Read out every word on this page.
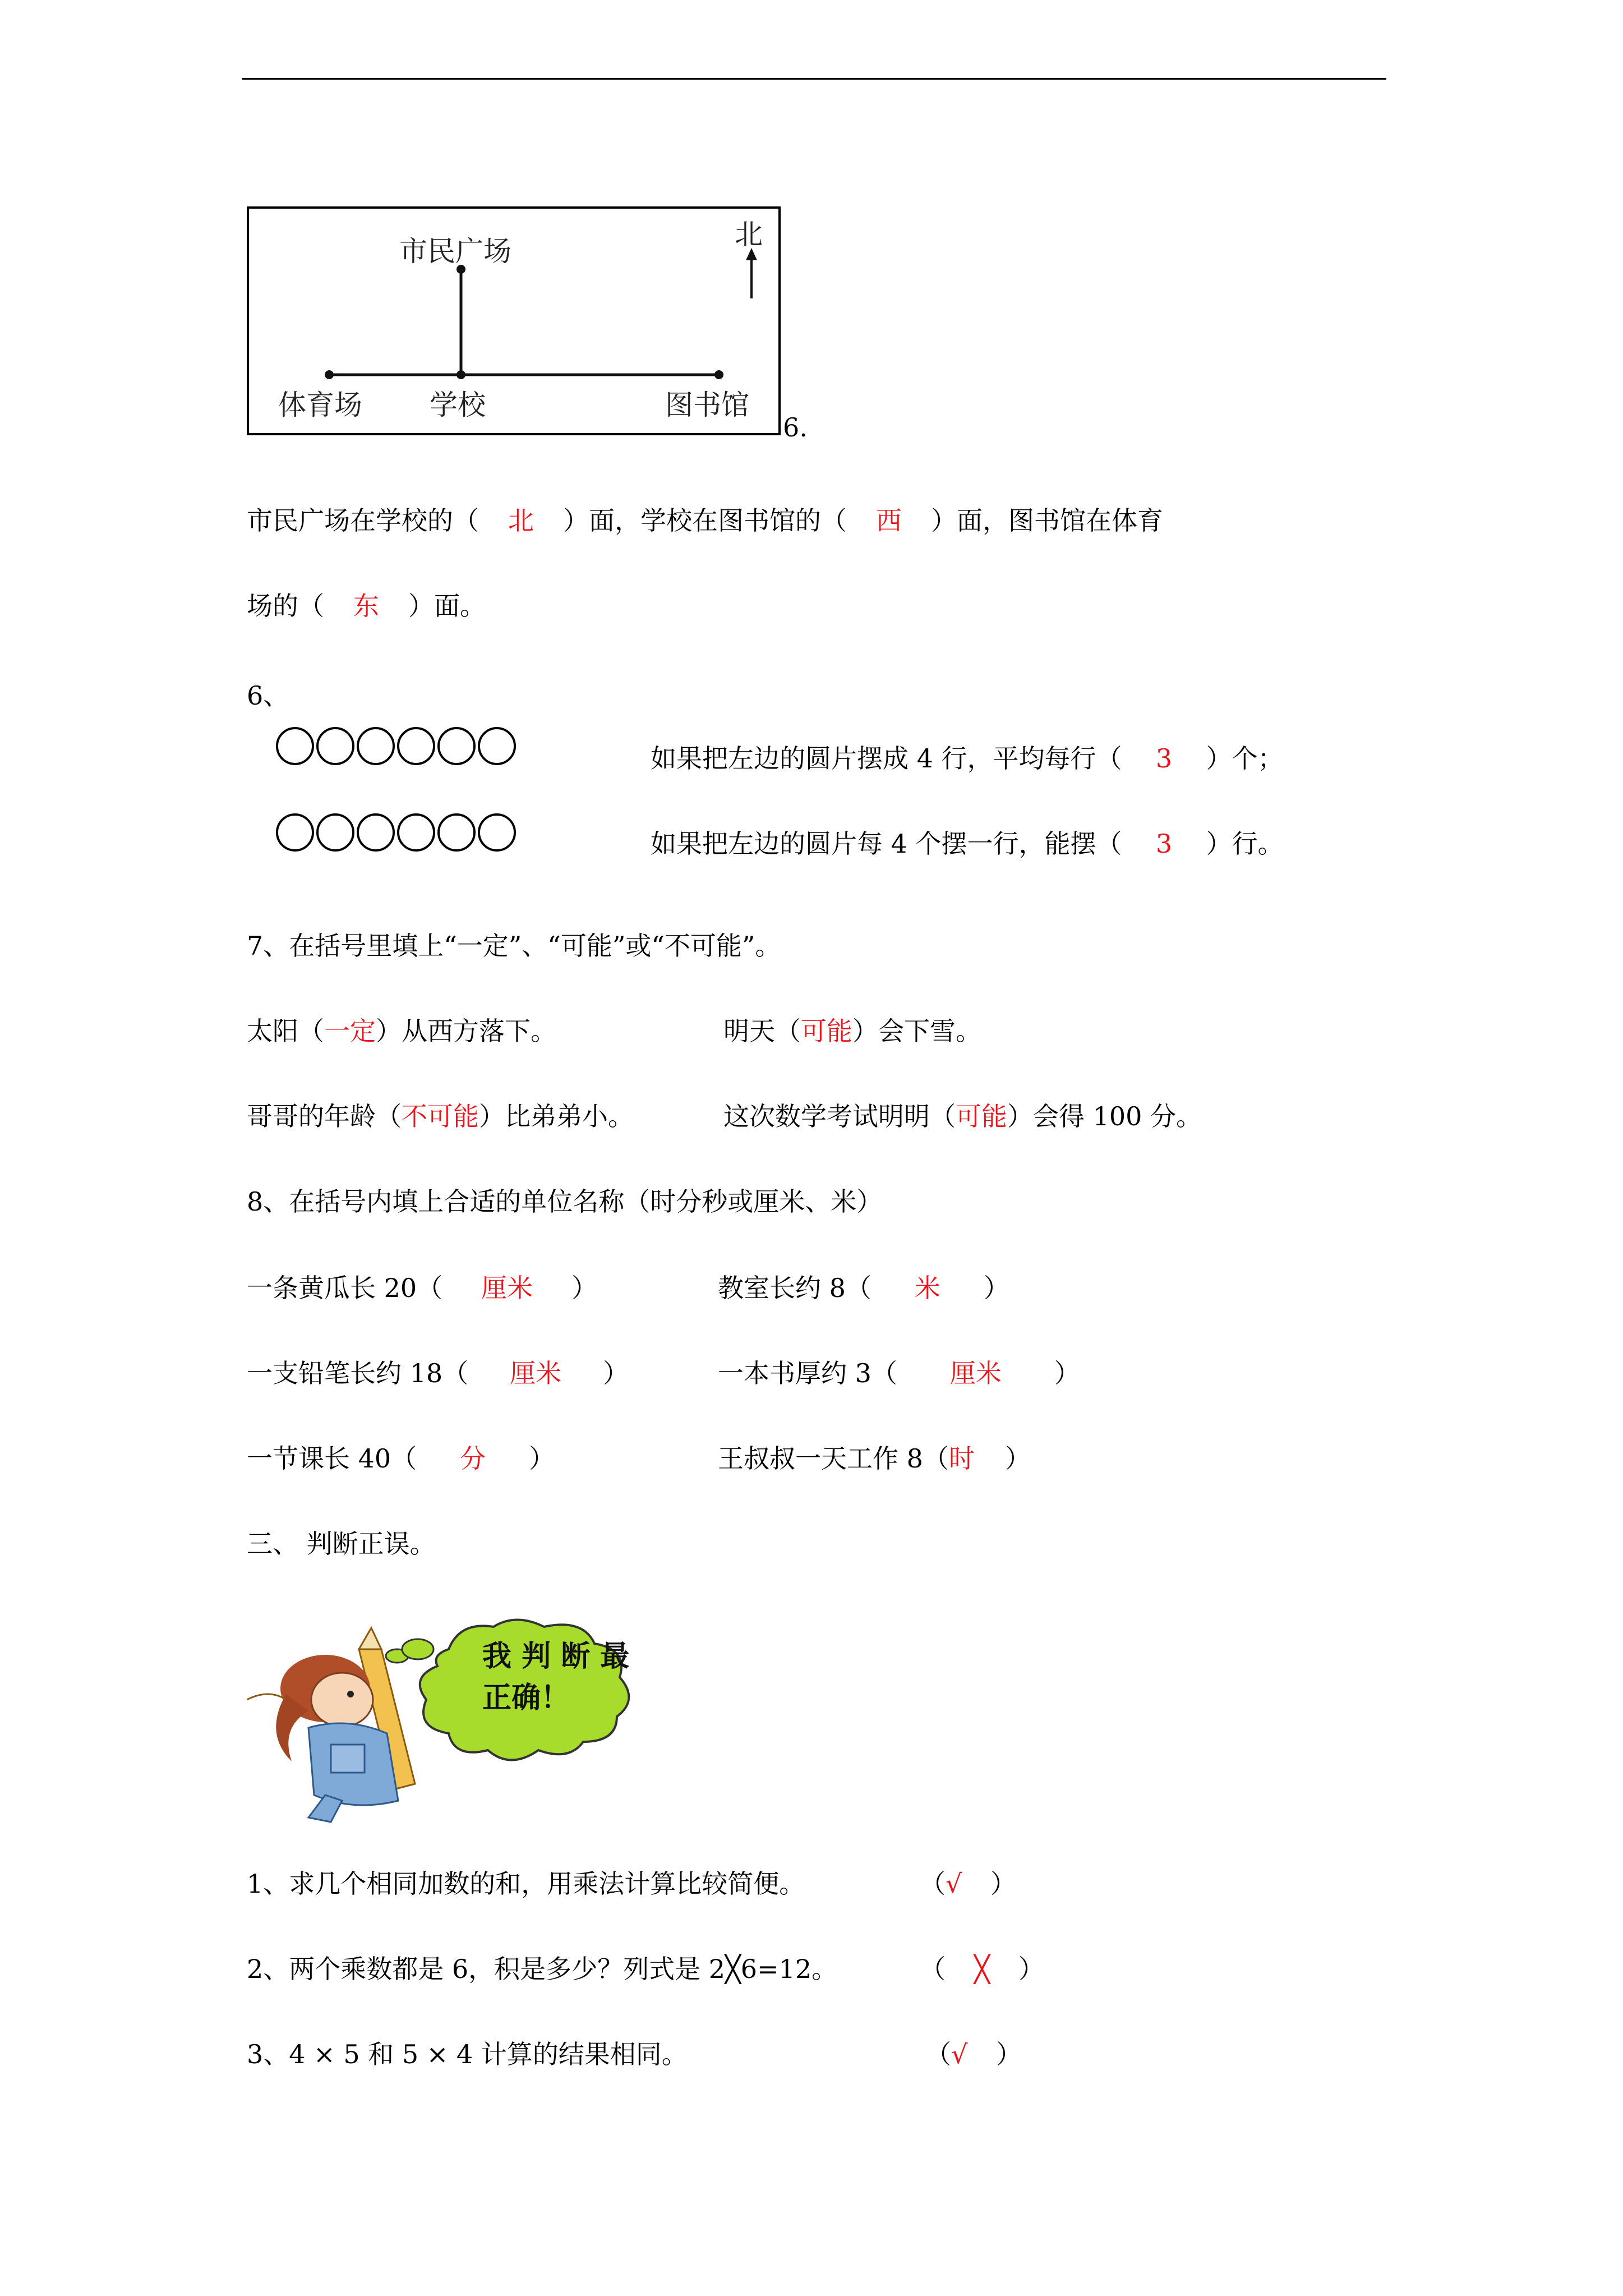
市民广场
北
体育场 学校	图书馆
6.
市民广场在学校的（ 北 ）面，学校在图书馆的（ 西 ）面，图书馆在体育
场的（ 东 ）面。
6、
如果把左边的圆片摆成 4 行，平均每行（ 3 ）个；
如果把左边的圆片每 4 个摆一行，能摆（ 3 ）行。
7、在括号里填上“一定”、“可能”或“不可能”。
太阳（一定）从西方落下。	明天（可能）会下雪。
哥哥的年龄（不可能）比弟弟小。	这次数学考试明明（可能）会得 100 分。
8、在括号内填上合适的单位名称（时分秒或厘米、米）
一条黄瓜长 20（ 厘米 ）	教室长约 8（ 米 ）
一支铅笔长约 18（ 厘米 ）	一本书厚约 3（ 厘米 ）
一节课长 40（ 分 ）	王叔叔一天工作 8（时 ）
三、 判断正误。
我 判 断 最
正确！
1、求几个相同加数的和，用乘法计算比较简便。	（√ ）
2、两个乘数都是 6，积是多少？列式是 2╳6=12。	（ ╳ ）
3、4 × 5 和 5 × 4 计算的结果相同。	（√ ）
